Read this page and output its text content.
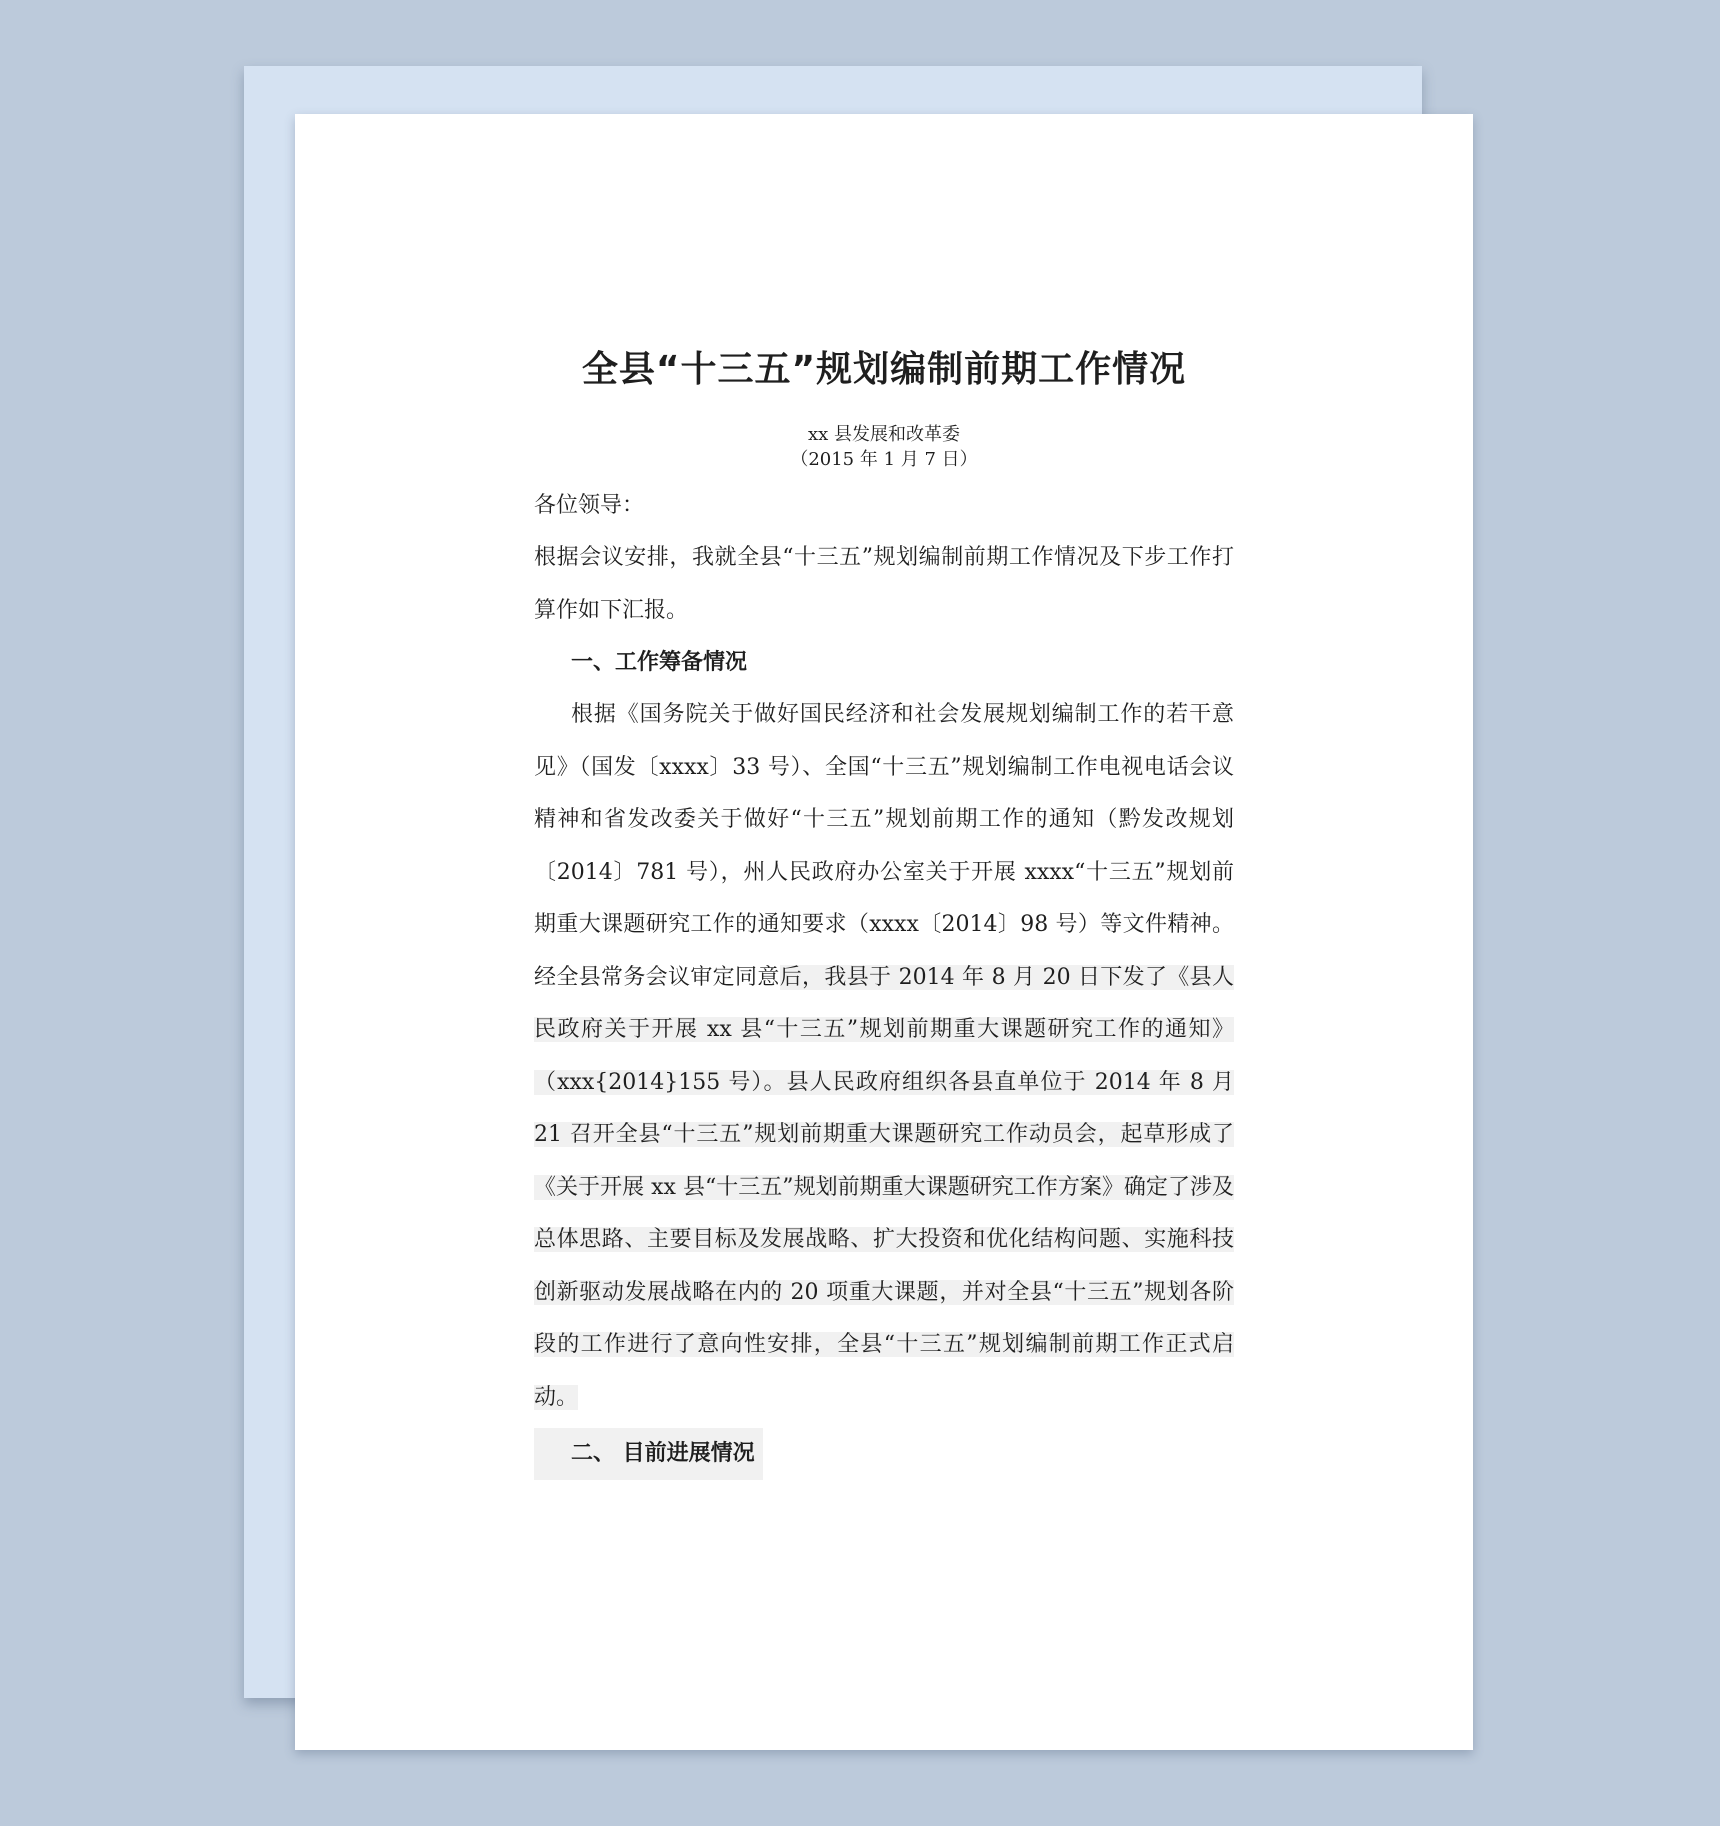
全县“十三五”规划编制前期工作情况
xx 县发展和改革委
（2015 年 1 月 7 日）
各位领导：

根据会议安排，我就全县“十三五”规划编制前期工作情况及下步工作打算作如下汇报。

一、工作筹备情况

根据《国务院关于做好国民经济和社会发展规划编制工作的若干意见》（国发〔xxxx〕33 号）、全国“十三五”规划编制工作电视电话会议精神和省发改委关于做好“十三五”规划前期工作的通知（黔发改规划〔2014〕781 号），州人民政府办公室关于开展 xxxx“十三五”规划前期重大课题研究工作的通知要求（xxxx〔2014〕98 号）等文件精神。经全县常务会议审定同意后，我县于 2014 年 8 月 20 日下发了《县人民政府关于开展 xx 县“十三五”规划前期重大课题研究工作的通知》（xxx{2014}155 号）。县人民政府组织各县直单位于 2014 年 8 月 21 召开全县“十三五”规划前期重大课题研究工作动员会，起草形成了《关于开展 xx 县“十三五”规划前期重大课题研究工作方案》确定了涉及总体思路、主要目标及发展战略、扩大投资和优化结构问题、实施科技创新驱动发展战略在内的 20 项重大课题，并对全县“十三五”规划各阶段的工作进行了意向性安排，全县“十三五”规划编制前期工作正式启动。

二、 目前进展情况
